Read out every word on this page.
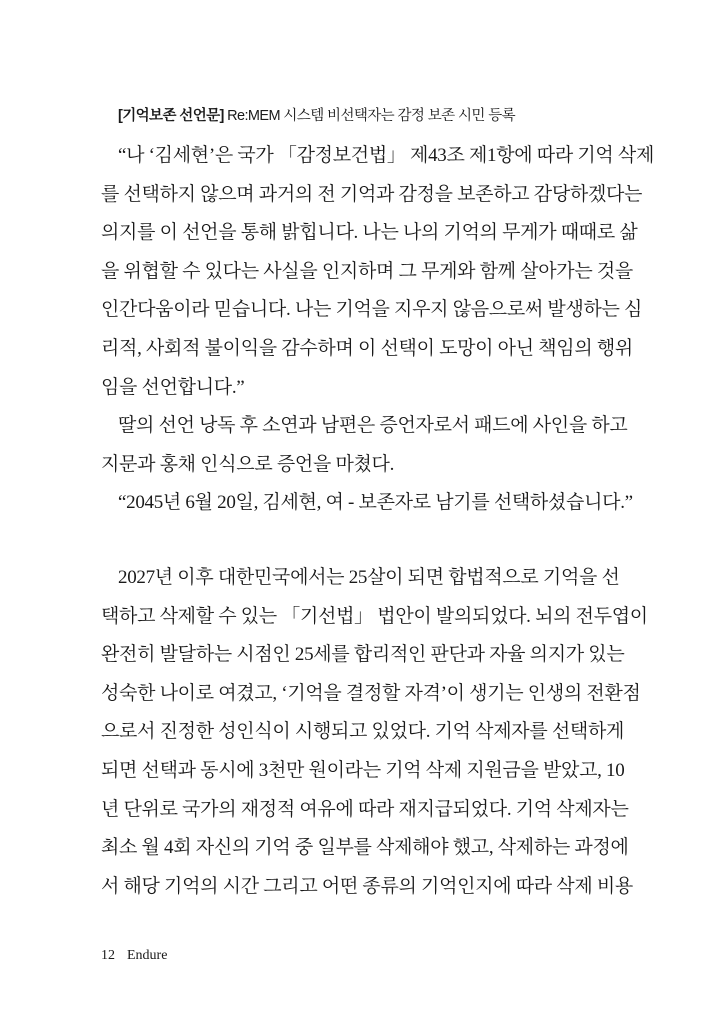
[기억보존 선언문] Re:MEM 시스템 비선택자는 감정 보존 시민 등록
“나 ‘김세현’은 국가 「감정보건법」 제43조 제1항에 따라 기억 삭제
를 선택하지 않으며 과거의 전 기억과 감정을 보존하고 감당하겠다는
의지를 이 선언을 통해 밝힙니다. 나는 나의 기억의 무게가 때때로 삶
을 위협할 수 있다는 사실을 인지하며 그 무게와 함께 살아가는 것을
인간다움이라 믿습니다. 나는 기억을 지우지 않음으로써 발생하는 심
리적, 사회적 불이익을 감수하며 이 선택이 도망이 아닌 책임의 행위
임을 선언합니다.”
딸의 선언 낭독 후 소연과 남편은 증언자로서 패드에 사인을 하고
지문과 홍채 인식으로 증언을 마쳤다.
“2045년 6월 20일, 김세현, 여 - 보존자로 남기를 선택하셨습니다.”
2027년 이후 대한민국에서는 25살이 되면 합법적으로 기억을 선
택하고 삭제할 수 있는 「기선법」 법안이 발의되었다. 뇌의 전두엽이
완전히 발달하는 시점인 25세를 합리적인 판단과 자율 의지가 있는
성숙한 나이로 여겼고, ‘기억을 결정할 자격’이 생기는 인생의 전환점
으로서 진정한 성인식이 시행되고 있었다. 기억 삭제자를 선택하게
되면 선택과 동시에 3천만 원이라는 기억 삭제 지원금을 받았고, 10
년 단위로 국가의 재정적 여유에 따라 재지급되었다. 기억 삭제자는
최소 월 4회 자신의 기억 중 일부를 삭제해야 했고, 삭제하는 과정에
서 해당 기억의 시간 그리고 어떤 종류의 기억인지에 따라 삭제 비용
12 Endure
